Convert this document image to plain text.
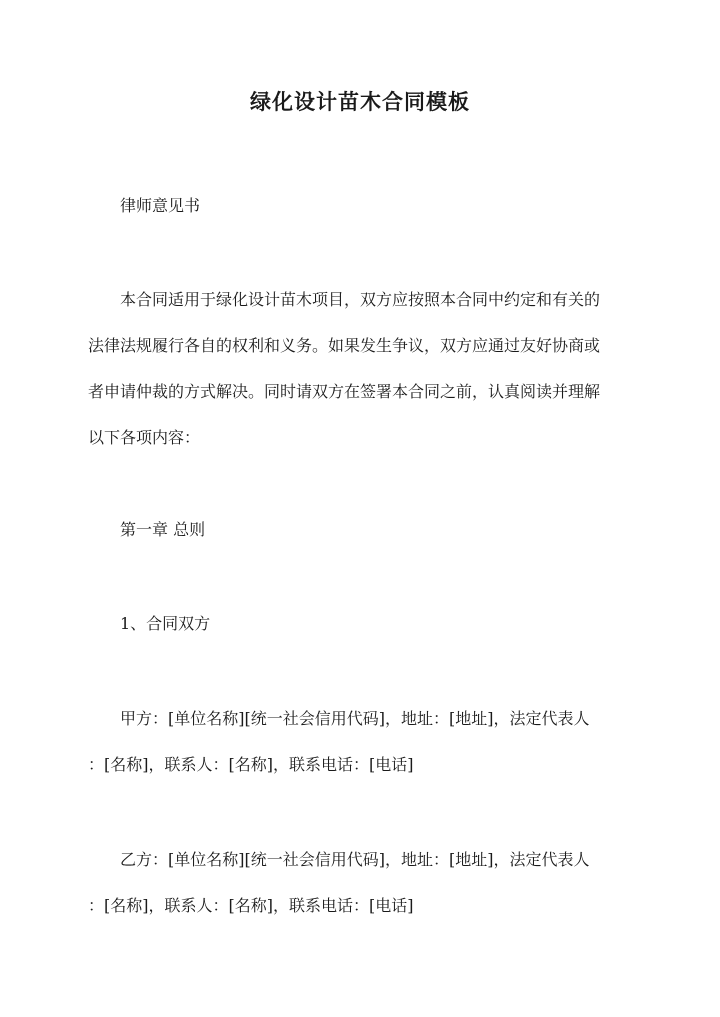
绿化设计苗木合同模板
律师意见书
本合同适用于绿化设计苗木项目，双方应按照本合同中约定和有关的
法律法规履行各自的权利和义务。如果发生争议，双方应通过友好协商或
者申请仲裁的方式解决。同时请双方在签署本合同之前，认真阅读并理解
以下各项内容：
第一章 总则
1、合同双方
甲方：[单位名称][统一社会信用代码]，地址：[地址]，法定代表人
：[名称]，联系人：[名称]，联系电话：[电话]
乙方：[单位名称][统一社会信用代码]，地址：[地址]，法定代表人
：[名称]，联系人：[名称]，联系电话：[电话]
